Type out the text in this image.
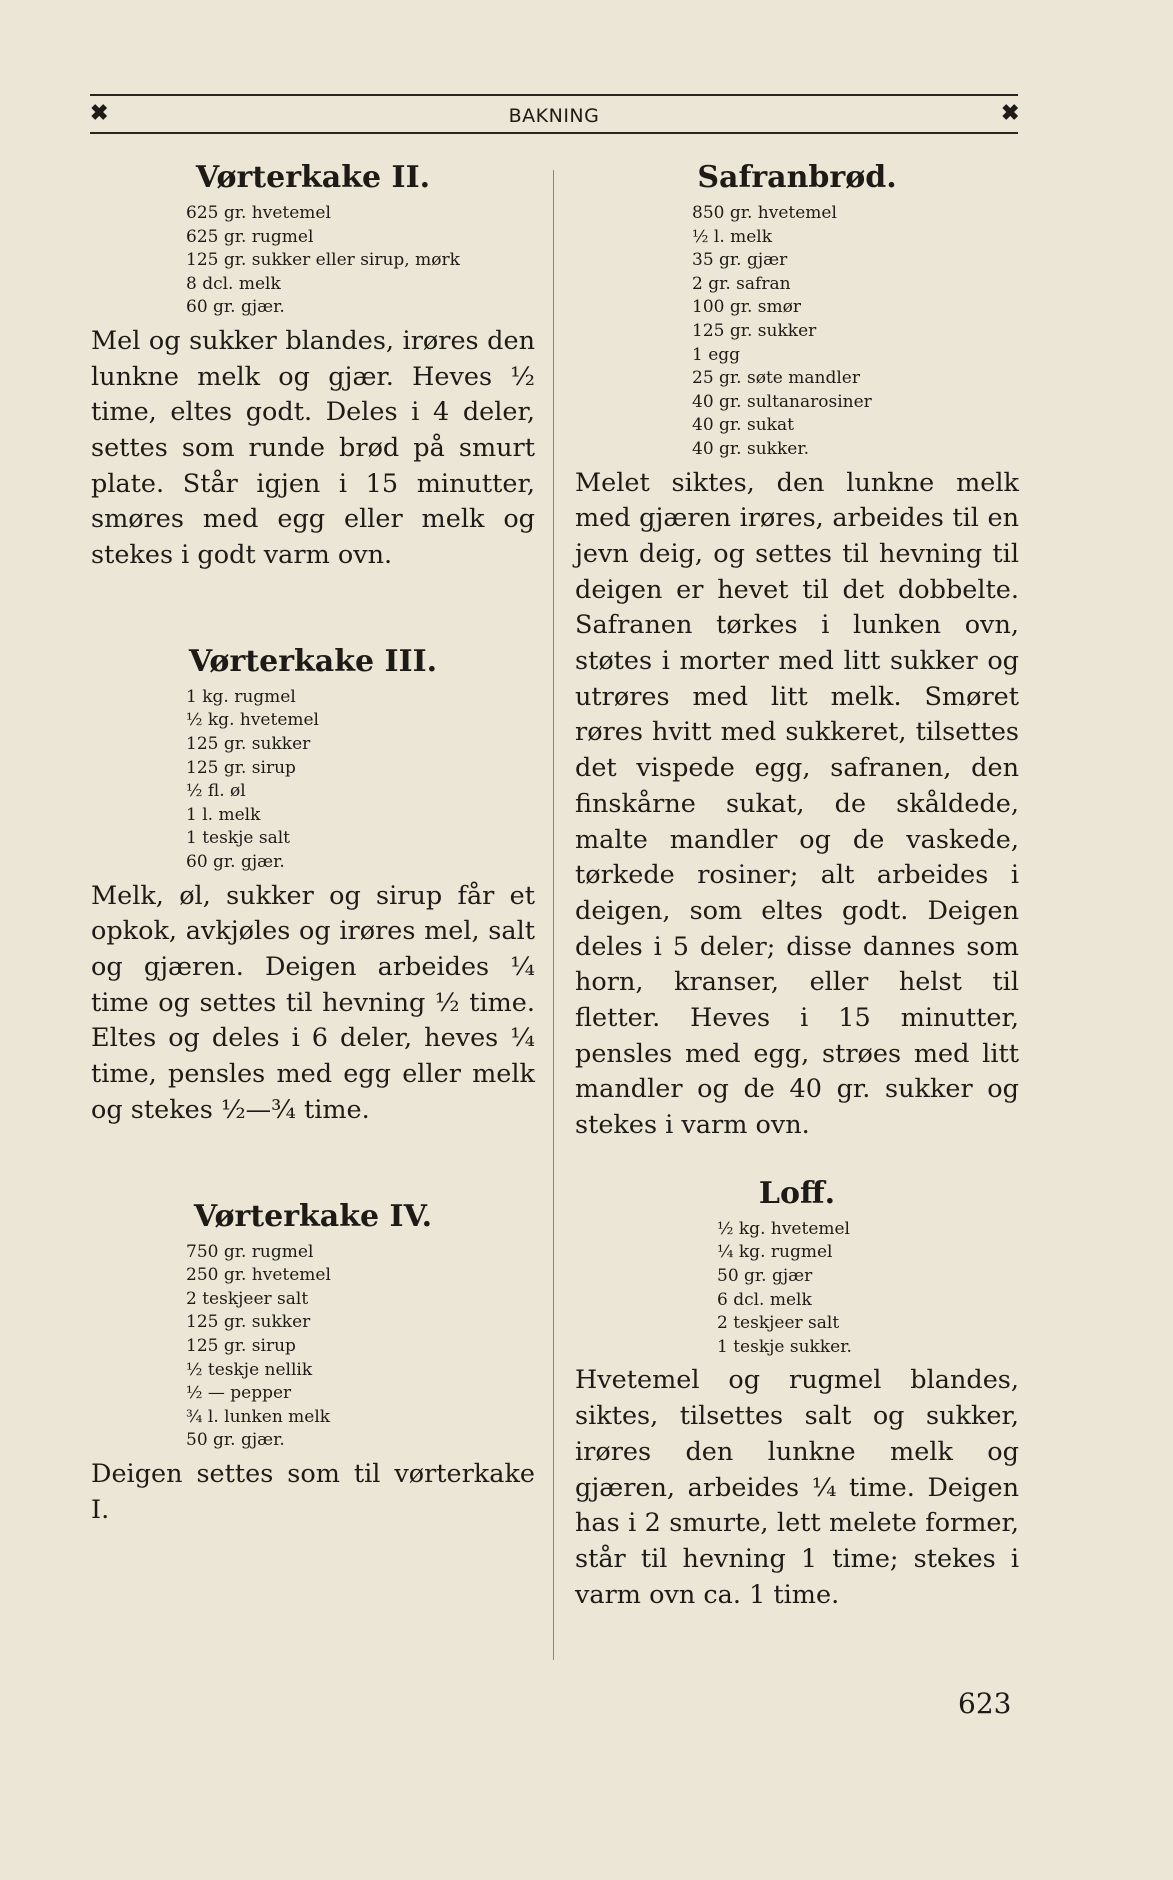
✖	BAKNING	✖
Vørterkake II.
625 gr. hvetemel
625 gr. rugmel
125 gr. sukker eller sirup, mørk
8 dcl. melk
60 gr. gjær.

Mel og sukker blandes, irøres den lunkne melk og gjær. Heves ½ time, eltes godt. Deles i 4 deler, settes som runde brød på smurt plate. Står igjen i 15 minutter, smøres med egg eller melk og stekes i godt varm ovn.

Vørterkake III.
1 kg. rugmel
½ kg. hvetemel
125 gr. sukker
125 gr. sirup
½ fl. øl
1 l. melk
1 teskje salt
60 gr. gjær.

Melk, øl, sukker og sirup får et opkok, avkjøles og irøres mel, salt og gjæren. Deigen arbeides ¼ time og settes til hevning ½ time. Eltes og deles i 6 deler, heves ¼ time, pensles med egg eller melk og stekes ½—¾ time.

Vørterkake IV.
750 gr. rugmel
250 gr. hvetemel
2 teskjeer salt
125 gr. sukker
125 gr. sirup
½ teskje nellik
½ — pepper
¾ l. lunken melk
50 gr. gjær.

Deigen settes som til vørterkake I.

Safranbrød.
850 gr. hvetemel
½ l. melk
35 gr. gjær
2 gr. safran
100 gr. smør
125 gr. sukker
1 egg
25 gr. søte mandler
40 gr. sultanarosiner
40 gr. sukat
40 gr. sukker.

Melet siktes, den lunkne melk med gjæren irøres, arbeides til en jevn deig, og settes til hevning til deigen er hevet til det dobbelte. Safranen tørkes i lunken ovn, støtes i morter med litt sukker og utrøres med litt melk. Smøret røres hvitt med sukkeret, tilsettes det vispede egg, safranen, den finskårne sukat, de skåldede, malte mandler og de vaskede, tørkede rosiner; alt arbeides i deigen, som eltes godt. Deigen deles i 5 deler; disse dannes som horn, kranser, eller helst til fletter. Heves i 15 minutter, pensles med egg, strøes med litt mandler og de 40 gr. sukker og stekes i varm ovn.

Loff.
½ kg. hvetemel
¼ kg. rugmel
50 gr. gjær
6 dcl. melk
2 teskjeer salt
1 teskje sukker.

Hvetemel og rugmel blandes, siktes, tilsettes salt og sukker, irøres den lunkne melk og gjæren, arbeides ¼ time. Deigen has i 2 smurte, lett melete former, står til hevning 1 time; stekes i varm ovn ca. 1 time.

623
